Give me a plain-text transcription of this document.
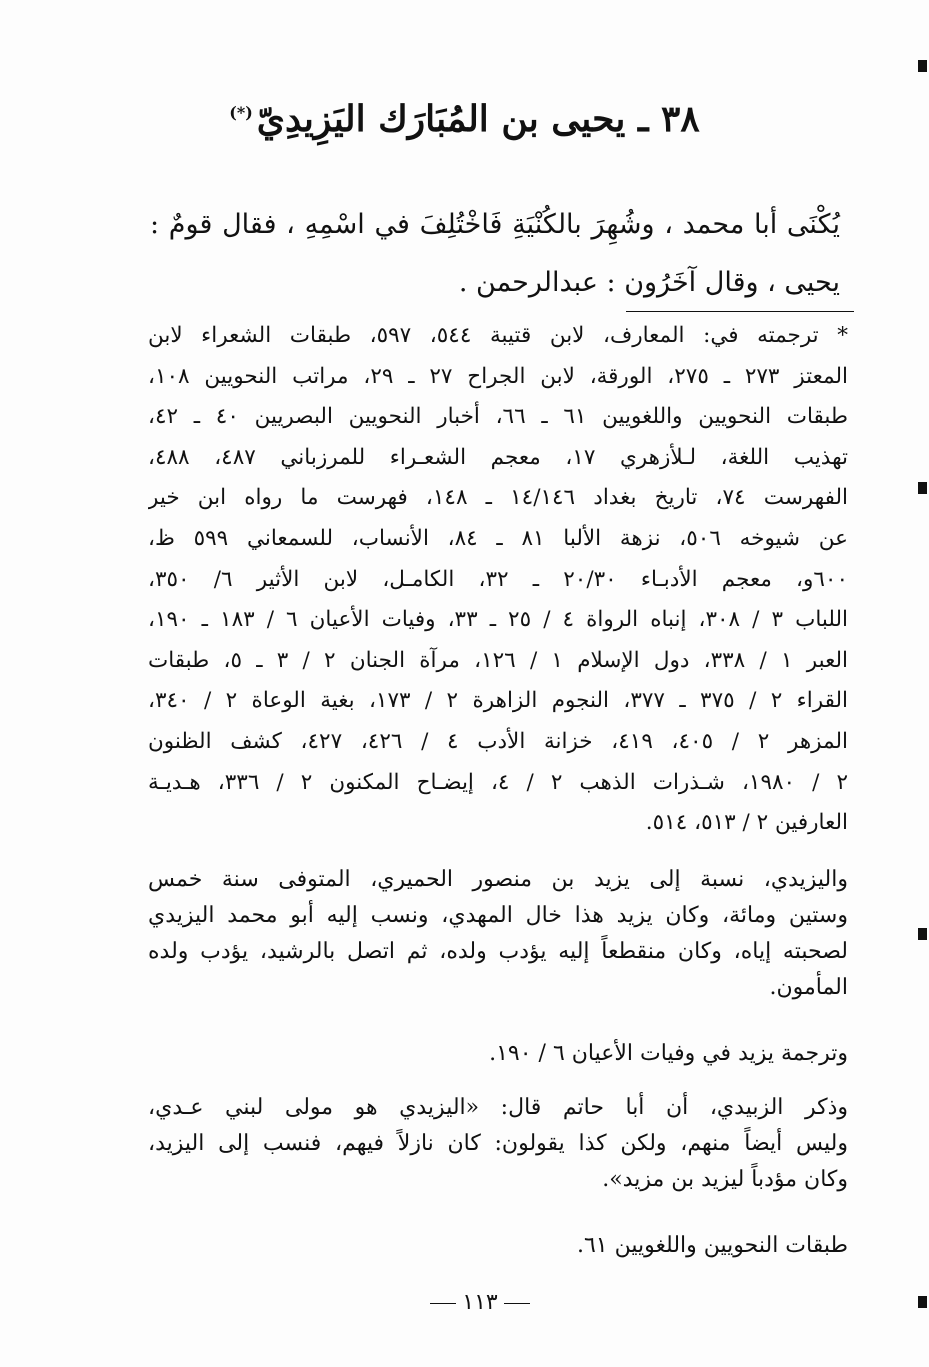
٣٨ ـ يحيى بن المُبَارَك اليَزِيدِيّ(*)
يُكْنَى أبا محمد ، وشُهِرَ بالكُنْيَةِ فَاخْتُلِفَ في اسْمِهِ ، فقال قومٌ :
يحيى ، وقال آخَرُون : عبدالرحمن .
* ترجمته في: المعارف، لابن قتيبة ٥٤٤، ٥٩٧، طبقات الشعراء لابن
المعتز ٢٧٣ ـ ٢٧٥، الورقة، لابن الجراح ٢٧ ـ ٢٩، مراتب النحويين ١٠٨،
طبقات النحويين واللغويين ٦١ ـ ٦٦، أخبار النحويين البصريين ٤٠ ـ ٤٢،
تهذيب اللغة، لـلأزهري ١٧، معجم الشعـراء للمرزباني ٤٨٧، ٤٨٨،
الفهرست ٧٤، تاريخ بغداد ١٤/١٤٦ ـ ١٤٨، فهرست ما رواه ابن خير
عن شيوخه ٥٠٦، نزهة الألبا ٨١ ـ ٨٤، الأنساب، للسمعاني ٥٩٩ ظ،
٦٠٠و، معجم الأدبـاء ٢٠/٣٠ ـ ٣٢، الكامـل، لابن الأثير ٦/ ٣٥٠،
اللباب ٣ / ٣٠٨، إنباه الرواة ٤ / ٢٥ ـ ٣٣، وفيات الأعيان ٦ / ١٨٣ ـ ١٩٠،
العبر ١ / ٣٣٨، دول الإسلام ١ / ١٢٦، مرآة الجنان ٢ / ٣ ـ ٥، طبقات
القراء ٢ / ٣٧٥ ـ ٣٧٧، النجوم الزاهرة ٢ / ١٧٣، بغية الوعاة ٢ / ٣٤٠،
المزهر ٢ / ٤٠٥، ٤١٩، خزانة الأدب ٤ / ٤٢٦، ٤٢٧، كشف الظنون
٢ / ١٩٨٠، شـذرات الذهب ٢ / ٤، إيضـاح المكنون ٢ / ٣٣٦، هـديـة
العارفين ٢ / ٥١٣، ٥١٤.
واليزيدي، نسبة إلى يزيد بن منصور الحميري، المتوفى سنة خمس
وستين ومائة، وكان يزيد هذا خال المهدي، ونسب إليه أبو محمد اليزيدي
لصحبته إياه، وكان منقطعاً إليه يؤدب ولده، ثم اتصل بالرشيد، يؤدب ولده
المأمون.
وترجمة يزيد في وفيات الأعيان ٦ / ١٩٠.
وذكر الزبيدي، أن أبا حاتم قال: «اليزيدي هو مولى لبني عـدي،
وليس أيضاً منهم، ولكن كذا يقولون: كان نازلاً فيهم، فنسب إلى اليزيد،
وكان مؤدباً ليزيد بن مزيد».
طبقات النحويين واللغويين ٦١.
١١٣
